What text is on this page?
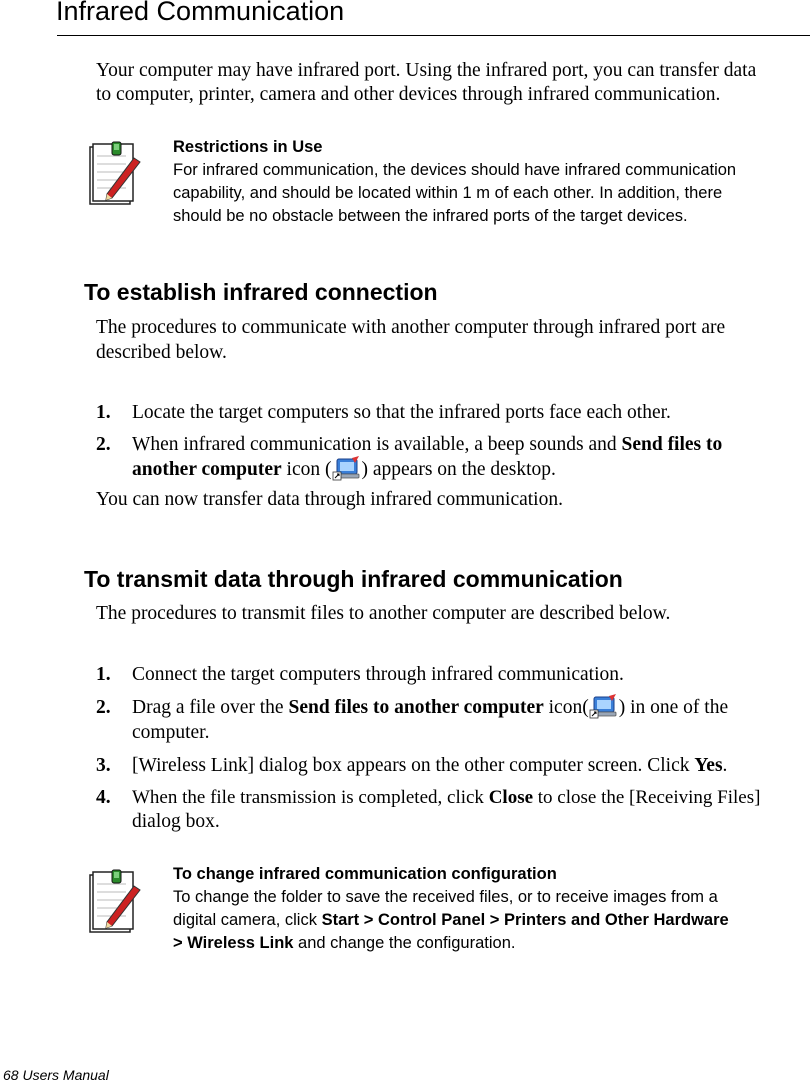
Infrared Communication
Your computer may have infrared port. Using the infrared port, you can transfer data
to computer, printer, camera and other devices through infrared communication.
Restrictions in Use
For infrared communication, the devices should have infrared communication
capability, and should be located within 1 m of each other. In addition, there
should be no obstacle between the infrared ports of the target devices.
To establish infrared connection
The procedures to communicate with another computer through infrared port are
described below.
1. Locate the target computers so that the infrared ports face each other.
2. When infrared communication is available, a beep sounds and Send files to
another computer icon ( ) appears on the desktop.
You can now transfer data through infrared communication.
To transmit data through infrared communication
The procedures to transmit files to another computer are described below.
1. Connect the target computers through infrared communication.
2. Drag a file over the Send files to another computer icon( ) in one of the
computer.
3. [Wireless Link] dialog box appears on the other computer screen. Click Yes.
4. When the file transmission is completed, click Close to close the [Receiving Files]
dialog box.
To change infrared communication configuration
To change the folder to save the received files, or to receive images from a
digital camera, click Start > Control Panel > Printers and Other Hardware
> Wireless Link and change the configuration.
68 Users Manual
